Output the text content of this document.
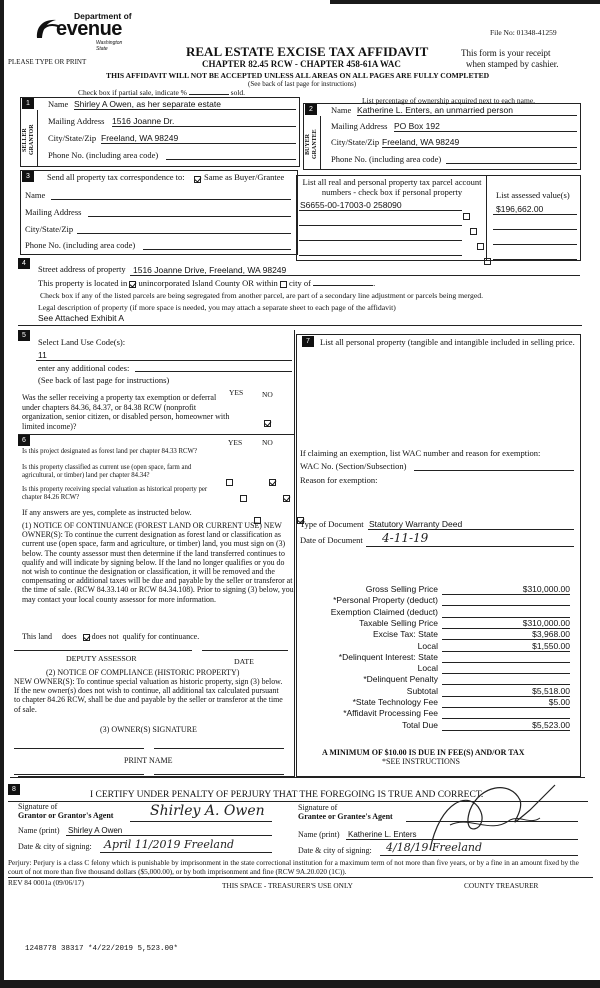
Department of
evenue
Washington State
PLEASE TYPE OR PRINT
File No: 01348-41259
REAL ESTATE EXCISE TAX AFFIDAVIT
CHAPTER 82.45 RCW - CHAPTER 458-61A WAC
This form is your receipt
when stamped by cashier.
THIS AFFIDAVIT WILL NOT BE ACCEPTED UNLESS ALL AREAS ON ALL PAGES ARE FULLY COMPLETED
(See back of last page for instructions)
Check box if partial sale, indicate %	sold.
List percentage of ownership acquired next to each name.
1
SELLER GRANTOR
Name Shirley A Owen, as her separate estate
Mailing Address 1516 Joanne Dr.
City/State/Zip Freeland, WA 98249
Phone No. (including area code)
2
BUYER GRANTEE
Name Katherine L. Enters, an unmarried person
Mailing Address PO Box 192
City/State/Zip Freeland, WA 98249
Phone No. (including area code)
3	Send all property tax correspondence to: Same as Buyer/Grantee
Name
Mailing Address
City/State/Zip
Phone No. (including area code)
List all real and personal property tax parcel account numbers - check box if personal property	List assessed value(s)
S6655-00-17003-0 258090	$196,662.00
4
Street address of property 1516 Joanne Drive, Freeland, WA 98249
This property is located in unincorporated Island County OR within city of	.
Check box if any of the listed parcels are being segregated from another parcel, are part of a secondary line adjustment or parcels being merged.
Legal description of property (if more space is needed, you may attach a separate sheet to each page of the affidavit)
See Attached Exhibit A
5
Select Land Use Code(s):
11
enter any additional codes:
(See back of last page for instructions)
YES	NO
Was the seller receiving a property tax exemption or deferral under chapters 84.36, 84.37, or 84.38 RCW (nonprofit organization, senior citizen, or disabled person, homeowner with limited income)?
6	YES	NO
Is this project designated as forest land per chapter 84.33 RCW?
Is this property classified as current use (open space, farm and agricultural, or timber) land per chapter 84.34?
Is this property receiving special valuation as historical property per chapter 84.26 RCW?
If any answers are yes, complete as instructed below.
(1) NOTICE OF CONTINUANCE (FOREST LAND OR CURRENT USE) NEW OWNER(S): To continue the current designation as forest land or classification as current use (open space, farm and agriculture, or timber) land, you must sign on (3) below. The county assessor must then determine if the land transferred continues to qualify and will indicate by signing below. If the land no longer qualifies or you do not wish to continue the designation or classification, it will be removed and the compensating or additional taxes will be due and payable by the seller or transferor at the time of sale. (RCW 84.33.140 or RCW 84.34.108). Prior to signing (3) below, you may contact your local county assessor for more information.
This land does does not qualify for continuance.
DEPUTY ASSESSOR	DATE
(2) NOTICE OF COMPLIANCE (HISTORIC PROPERTY)
NEW OWNER(S): To continue special valuation as historic property, sign (3) below. If the new owner(s) does not wish to continue, all additional tax calculated pursuant to chapter 84.26 RCW, shall be due and payable by the seller or transferor at the time of sale.
(3) OWNER(S) SIGNATURE
PRINT NAME
7	List all personal property (tangible and intangible included in selling price.
If claiming an exemption, list WAC number and reason for exemption:
WAC No. (Section/Subsection)
Reason for exemption:
Type of Document Statutory Warranty Deed
Date of Document 4-11-19
Gross Selling Price	$310,000.00
*Personal Property (deduct)
Exemption Claimed (deduct)
Taxable Selling Price	$310,000.00
Excise Tax: State	$3,968.00
Local	$1,550.00
*Delinquent Interest: State
Local
*Delinquent Penalty
Subtotal	$5,518.00
*State Technology Fee	$5.00
*Affidavit Processing Fee
Total Due	$5,523.00
A MINIMUM OF $10.00 IS DUE IN FEE(S) AND/OR TAX
*SEE INSTRUCTIONS
8
I CERTIFY UNDER PENALTY OF PERJURY THAT THE FOREGOING IS TRUE AND CORRECT.
Signature of
Grantor or Grantor's Agent	Shirley A. Owen
Name (print) Shirley A Owen
Date & city of signing: April 11/2019 Freeland
Signature of
Grantee or Grantee's Agent
Name (print) Katherine L. Enters
Date & city of signing: 4/18/19 Freeland
Perjury: Perjury is a class C felony which is punishable by imprisonment in the state correctional institution for a maximum term of not more than five years, or by a fine in an amount fixed by the court of not more than five thousand dollars ($5,000.00), or by both imprisonment and fine (RCW 9A.20.020 (1C)).
REV 84 0001a (09/06/17)	THIS SPACE - TREASURER'S USE ONLY	COUNTY TREASURER
1248778 38317 *4/22/2019 5,523.00*
